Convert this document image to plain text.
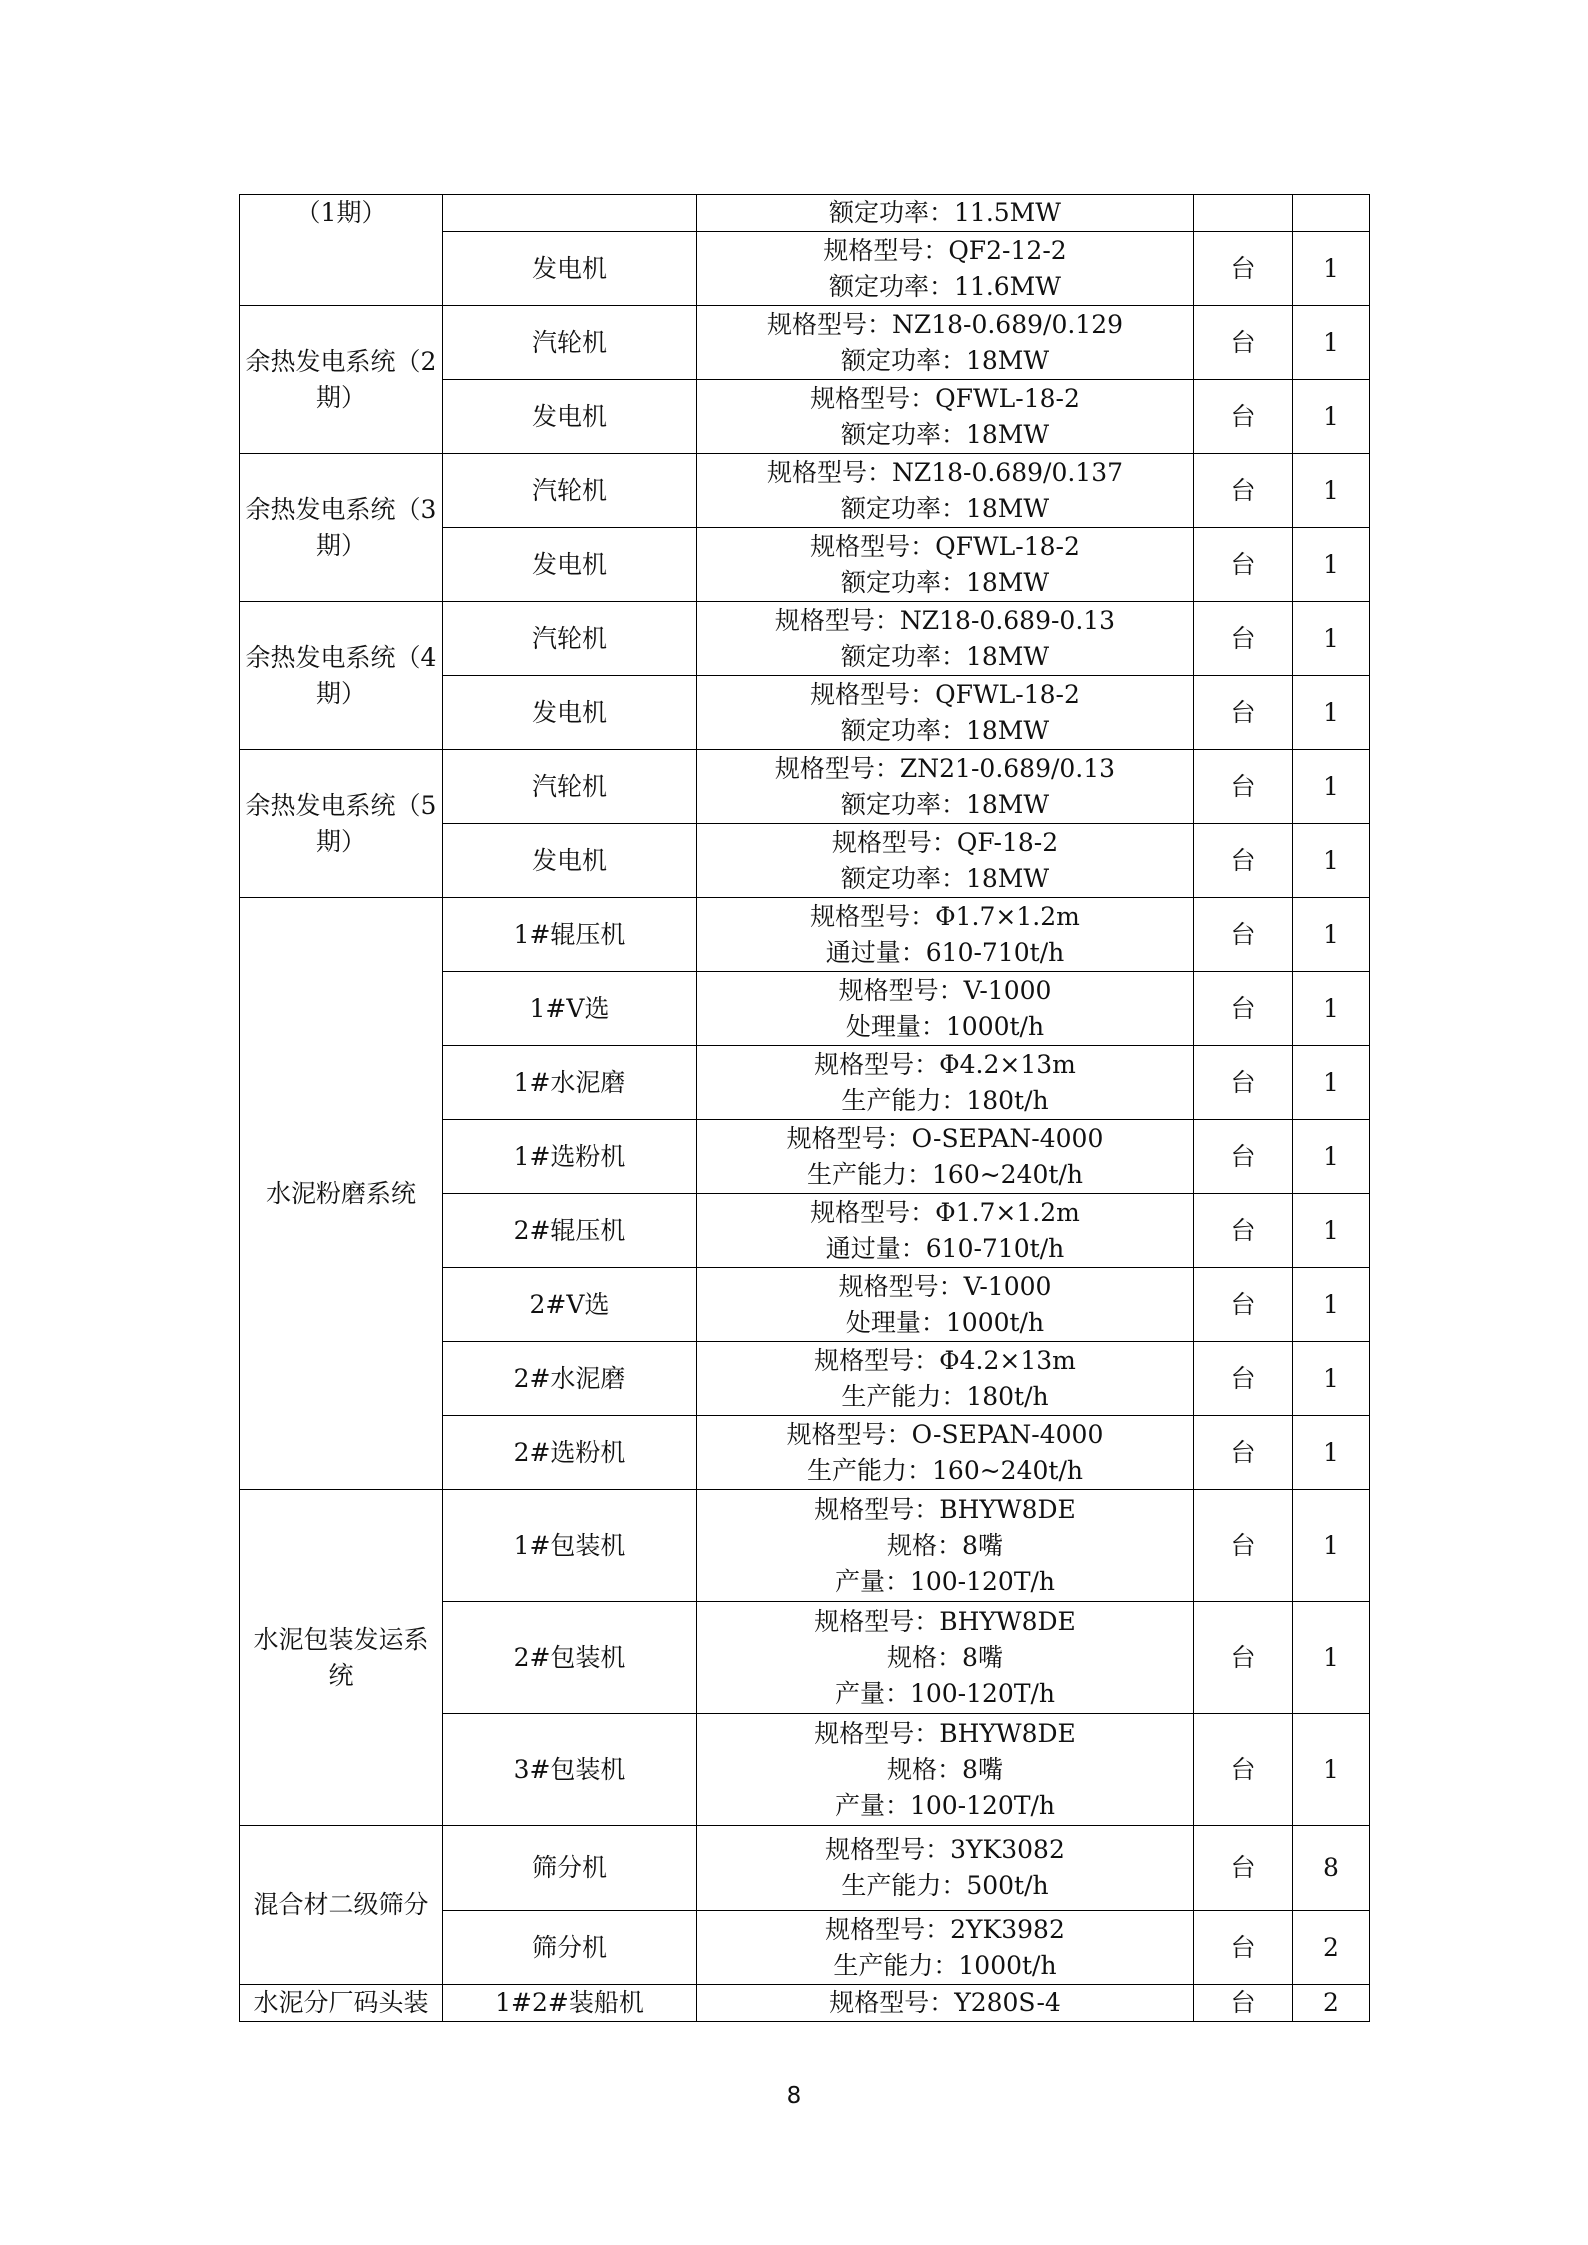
（1期）		额定功率：11.5MW		

	发电机	规格型号：QF2-12-2
额定功率：11.6MW	台	1
余热发电系统（2期）	汽轮机	规格型号：NZ18-0.689/0.129
额定功率：18MW	台	1
	发电机	规格型号：QFWL-18-2
额定功率：18MW	台	1
余热发电系统（3期）	汽轮机	规格型号：NZ18-0.689/0.137
额定功率：18MW	台	1
	发电机	规格型号：QFWL-18-2
额定功率：18MW	台	1
余热发电系统（4期）	汽轮机	规格型号：NZ18-0.689-0.13
额定功率：18MW	台	1
	发电机	规格型号：QFWL-18-2
额定功率：18MW	台	1
余热发电系统（5期）	汽轮机	规格型号：ZN21-0.689/0.13
额定功率：18MW	台	1
	发电机	规格型号：QF-18-2
额定功率：18MW	台	1
水泥粉磨系统	1#辊压机	规格型号：Φ1.7×1.2m
通过量：610-710t/h	台	1
	1#V选	规格型号：V-1000
处理量：1000t/h	台	1
	1#水泥磨	规格型号：Φ4.2×13m
生产能力：180t/h	台	1
	1#选粉机	规格型号：O-SEPAN-4000
生产能力：160~240t/h	台	1
	2#辊压机	规格型号：Φ1.7×1.2m
通过量：610-710t/h	台	1
	2#V选	规格型号：V-1000
处理量：1000t/h	台	1
	2#水泥磨	规格型号：Φ4.2×13m
生产能力：180t/h	台	1
	2#选粉机	规格型号：O-SEPAN-4000
生产能力：160~240t/h	台	1
水泥包装发运系统	1#包装机	规格型号：BHYW8DE
规格：8嘴
产量：100-120T/h	台	1
	2#包装机	规格型号：BHYW8DE
规格：8嘴
产量：100-120T/h	台	1
	3#包装机	规格型号：BHYW8DE
规格：8嘴
产量：100-120T/h	台	1
混合材二级筛分	筛分机	规格型号：3YK3082
生产能力：500t/h	台	8
	筛分机	规格型号：2YK3982
生产能力：1000t/h	台	2
水泥分厂码头装	1#2#装船机	规格型号：Y280S-4	台	2
8
